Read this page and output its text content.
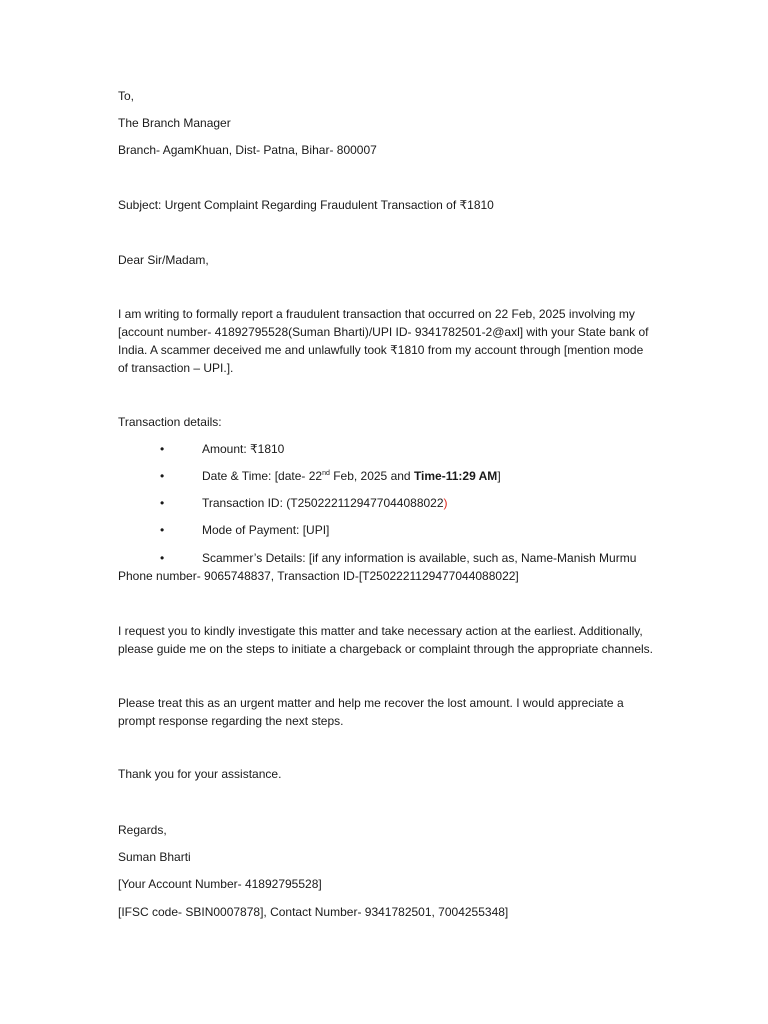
To,
The Branch Manager
Branch- AgamKhuan, Dist- Patna, Bihar- 800007
Subject: Urgent Complaint Regarding Fraudulent Transaction of ₹1810
Dear Sir/Madam,
I am writing to formally report a fraudulent transaction that occurred on 22 Feb, 2025 involving my
[account number- 41892795528(Suman Bharti)/UPI ID- 9341782501-2@axl] with your State bank of
India. A scammer deceived me and unlawfully took ₹1810 from my account through [mention mode
of transaction – UPI.].
Transaction details:
•	Amount: ₹1810
•	Date & Time: [date- 22nd Feb, 2025 and Time-11:29 AM]
•	Transaction ID: (T2502221129477044088022)
•	Mode of Payment: [UPI]
•	Scammer’s Details: [if any information is available, such as, Name-Manish Murmu
Phone number- 9065748837, Transaction ID-[T2502221129477044088022]
I request you to kindly investigate this matter and take necessary action at the earliest. Additionally,
please guide me on the steps to initiate a chargeback or complaint through the appropriate channels.
Please treat this as an urgent matter and help me recover the lost amount. I would appreciate a
prompt response regarding the next steps.
Thank you for your assistance.
Regards,
Suman Bharti
[Your Account Number- 41892795528]
[IFSC code- SBIN0007878], Contact Number- 9341782501, 7004255348]
